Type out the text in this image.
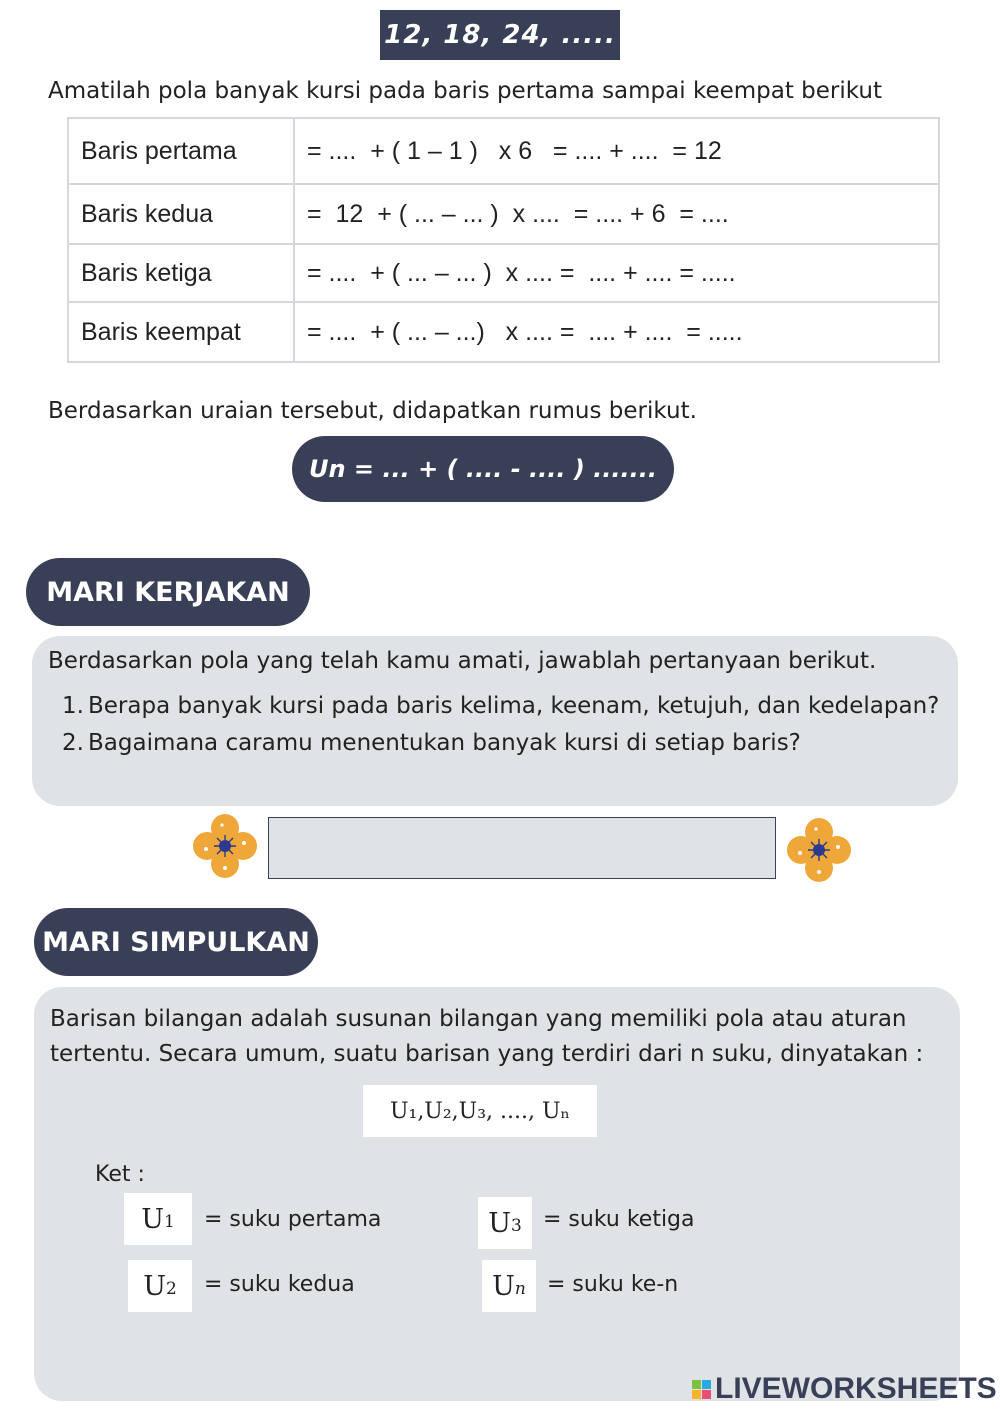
12, 18, 24, .....
Amatilah pola banyak kursi pada baris pertama sampai keempat berikut
Baris pertama	= ....  + ( 1 – 1 )   x 6   = .... + ....  = 12
Baris kedua	=  12  + ( ... – ... )  x ....  = .... + 6  = ....
Baris ketiga	= ....  + ( ... – ... )  x .... =  .... + .... = .....
Baris keempat	= ....  + ( ... – ...)   x .... =  .... + ....  = .....
Berdasarkan uraian tersebut, didapatkan rumus berikut.
Un = ... + ( .... - .... ) .......
MARI KERJAKAN
Berdasarkan pola yang telah kamu amati, jawablah pertanyaan berikut.
1. Berapa banyak kursi pada baris kelima, keenam, ketujuh, dan kedelapan?
2. Bagaimana caramu menentukan banyak kursi di setiap baris?
MARI SIMPULKAN
Barisan bilangan adalah susunan bilangan yang memiliki pola atau aturan tertentu. Secara umum, suatu barisan yang terdiri dari n suku, dinyatakan :
U₁,U₂,U₃, ...., Uₙ
Ket :
$U_1$ = suku pertama	$U_3$ = suku ketiga
$U_2$ = suku kedua	$U_n$ = suku ke-n
LIVEWORKSHEETS
